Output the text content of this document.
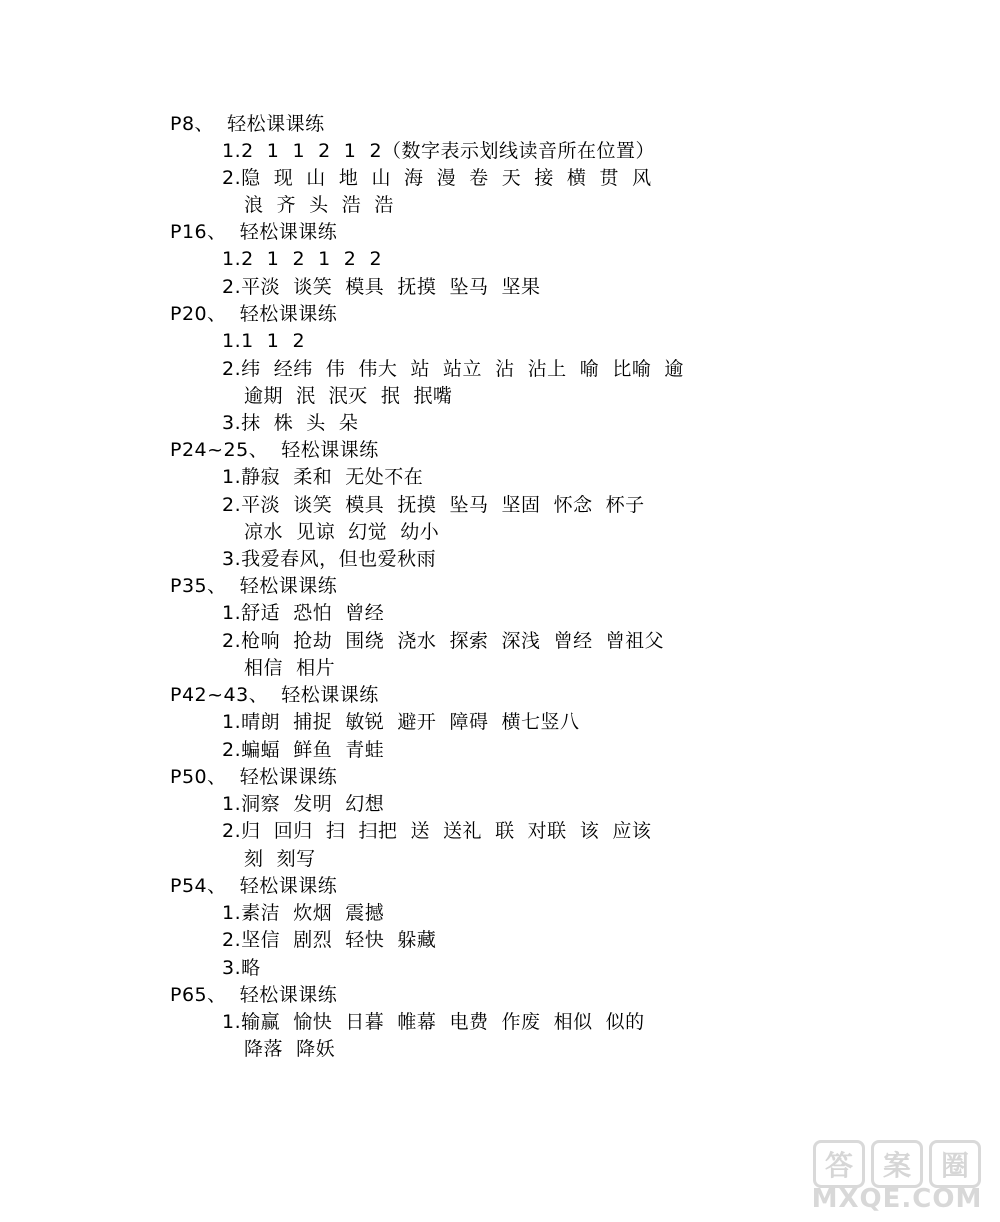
P8、  轻松课课练
1.2  1  1  2  1  2（数字表示划线读音所在位置）
2.隐  现  山  地  山  海  漫  卷  天  接  横  贯  风
浪  齐  头  浩  浩
P16、  轻松课课练
1.2  1  2  1  2  2
2.平淡  谈笑  模具  抚摸  坠马  坚果
P20、  轻松课课练
1.1  1  2
2.纬  经纬  伟  伟大  站  站立  沾  沾上  喻  比喻  逾
逾期  泯  泯灭  抿  抿嘴
3.抹  株  头  朵
P24~25、  轻松课课练
1.静寂  柔和  无处不在
2.平淡  谈笑  模具  抚摸  坠马  坚固  怀念  杯子
凉水  见谅  幻觉  幼小
3.我爱春风，但也爱秋雨
P35、  轻松课课练
1.舒适  恐怕  曾经
2.枪响  抢劫  围绕  浇水  探索  深浅  曾经  曾祖父
相信  相片
P42~43、  轻松课课练
1.晴朗  捕捉  敏锐  避开  障碍  横七竖八
2.蝙蝠  鲜鱼  青蛙
P50、  轻松课课练
1.洞察  发明  幻想
2.归  回归  扫  扫把  送  送礼  联  对联  该  应该
刻  刻写
P54、  轻松课课练
1.素洁  炊烟  震撼
2.坚信  剧烈  轻快  躲藏
3.略
P65、  轻松课课练
1.输赢  愉快  日暮  帷幕  电费  作废  相似  似的
降落  降妖
答	案	圈
MXQE.COM
